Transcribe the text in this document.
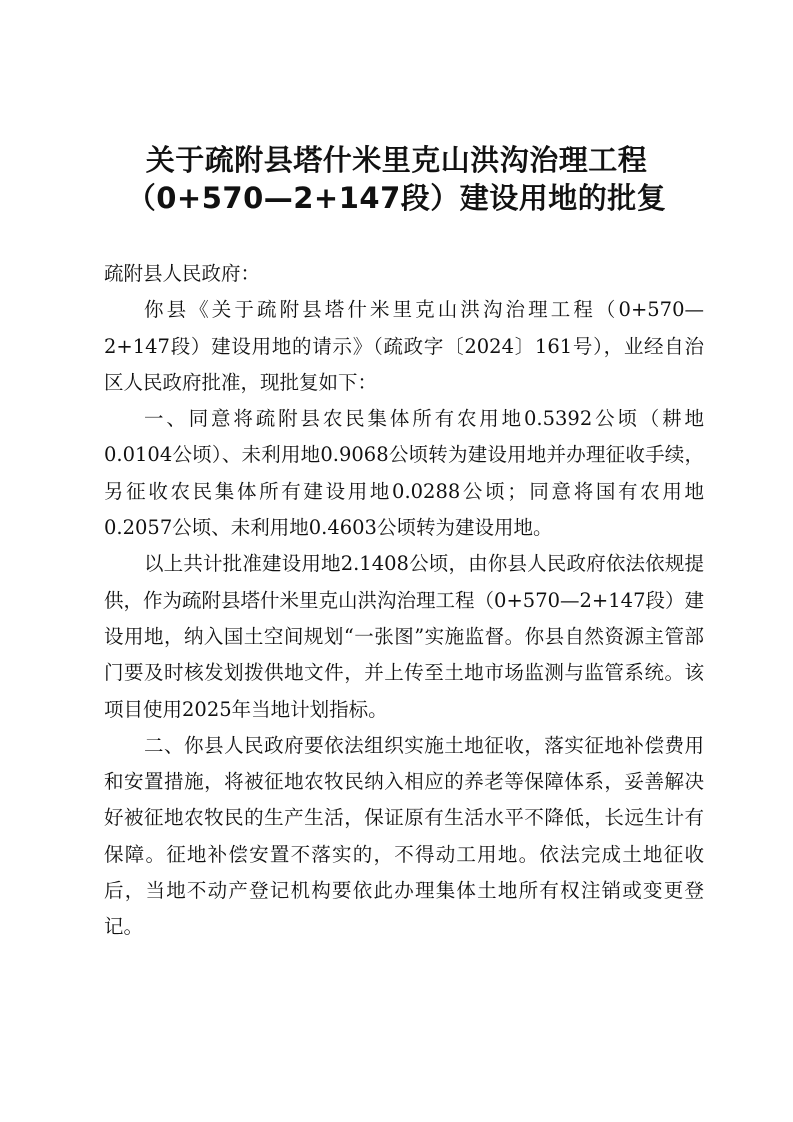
关于疏附县塔什米里克山洪沟治理工程
（0+570—2+147段）建设用地的批复

疏附县人民政府：

你县《关于疏附县塔什米里克山洪沟治理工程（0+570—2+147段）建设用地的请示》（疏政字〔2024〕161号），业经自治区人民政府批准，现批复如下：

一、同意将疏附县农民集体所有农用地0.5392公顷（耕地0.0104公顷）、未利用地0.9068公顷转为建设用地并办理征收手续，另征收农民集体所有建设用地0.0288公顷；同意将国有农用地0.2057公顷、未利用地0.4603公顷转为建设用地。

以上共计批准建设用地2.1408公顷，由你县人民政府依法依规提供，作为疏附县塔什米里克山洪沟治理工程（0+570—2+147段）建设用地，纳入国土空间规划“一张图”实施监督。你县自然资源主管部门要及时核发划拨供地文件，并上传至土地市场监测与监管系统。该项目使用2025年当地计划指标。

二、你县人民政府要依法组织实施土地征收，落实征地补偿费用和安置措施，将被征地农牧民纳入相应的养老等保障体系，妥善解决好被征地农牧民的生产生活，保证原有生活水平不降低，长远生计有保障。征地补偿安置不落实的，不得动工用地。依法完成土地征收后，当地不动产登记机构要依此办理集体土地所有权注销或变更登记。
